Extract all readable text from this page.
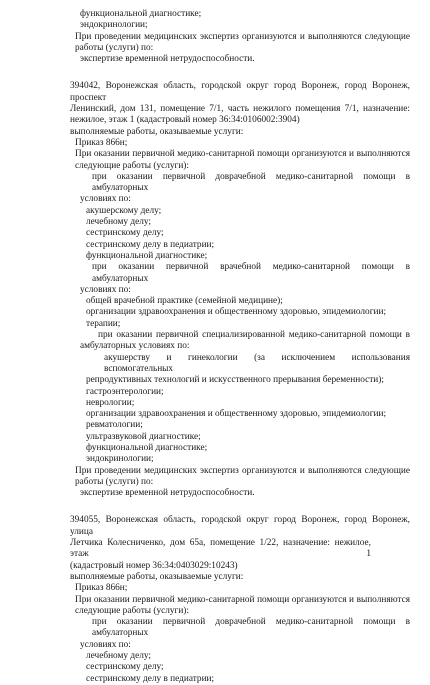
функциональной диагностике;
эндокринологии;
При проведении медицинских экспертиз организуются и выполняются следующие
работы (услуги) по:
экспертизе временной нетрудоспособности.
394042, Воронежская область, городской округ город Воронеж, город Воронеж, проспект
Ленинский, дом 131, помещение 7/1, часть нежилого помещения 7/1, назначение:
нежилое, этаж 1 (кадастровый номер 36:34:0106002:3904)
выполняемые работы, оказываемые услуги:
Приказ 866н;
При оказании первичной медико-санитарной помощи организуются и выполняются
следующие работы (услуги):
при оказании первичной доврачебной медико-санитарной помощи в амбулаторных
условиях по:
акушерскому делу;
лечебному делу;
сестринскому делу;
сестринскому делу в педиатрии;
функциональной диагностике;
при оказании первичной врачебной медико-санитарной помощи в амбулаторных
условиях по:
общей врачебной практике (семейной медицине);
организации здравоохранения и общественному здоровью, эпидемиологии;
терапии;
при оказании первичной специализированной медико-санитарной помощи в
амбулаторных условиях по:
акушерству и гинекологии (за исключением использования вспомогательных
репродуктивных технологий и искусственного прерывания беременности);
гастроэнтерологии;
неврологии;
организации здравоохранения и общественному здоровью, эпидемиологии;
ревматологии;
ультразвуковой диагностике;
функциональной диагностике;
эндокринологии;
При проведении медицинских экспертиз организуются и выполняются следующие
работы (услуги) по:
экспертизе временной нетрудоспособности.
394055, Воронежская область, городской округ город Воронеж, город Воронеж, улица
Летчика Колесниченко, дом 65а, помещение 1/22, назначение: нежилое, этаж 1
(кадастровый номер 36:34:0403029:10243)
выполняемые работы, оказываемые услуги:
Приказ 866н;
При оказании первичной медико-санитарной помощи организуются и выполняются
следующие работы (услуги):
при оказании первичной доврачебной медико-санитарной помощи в амбулаторных
условиях по:
лечебному делу;
сестринскому делу;
сестринскому делу в педиатрии;
